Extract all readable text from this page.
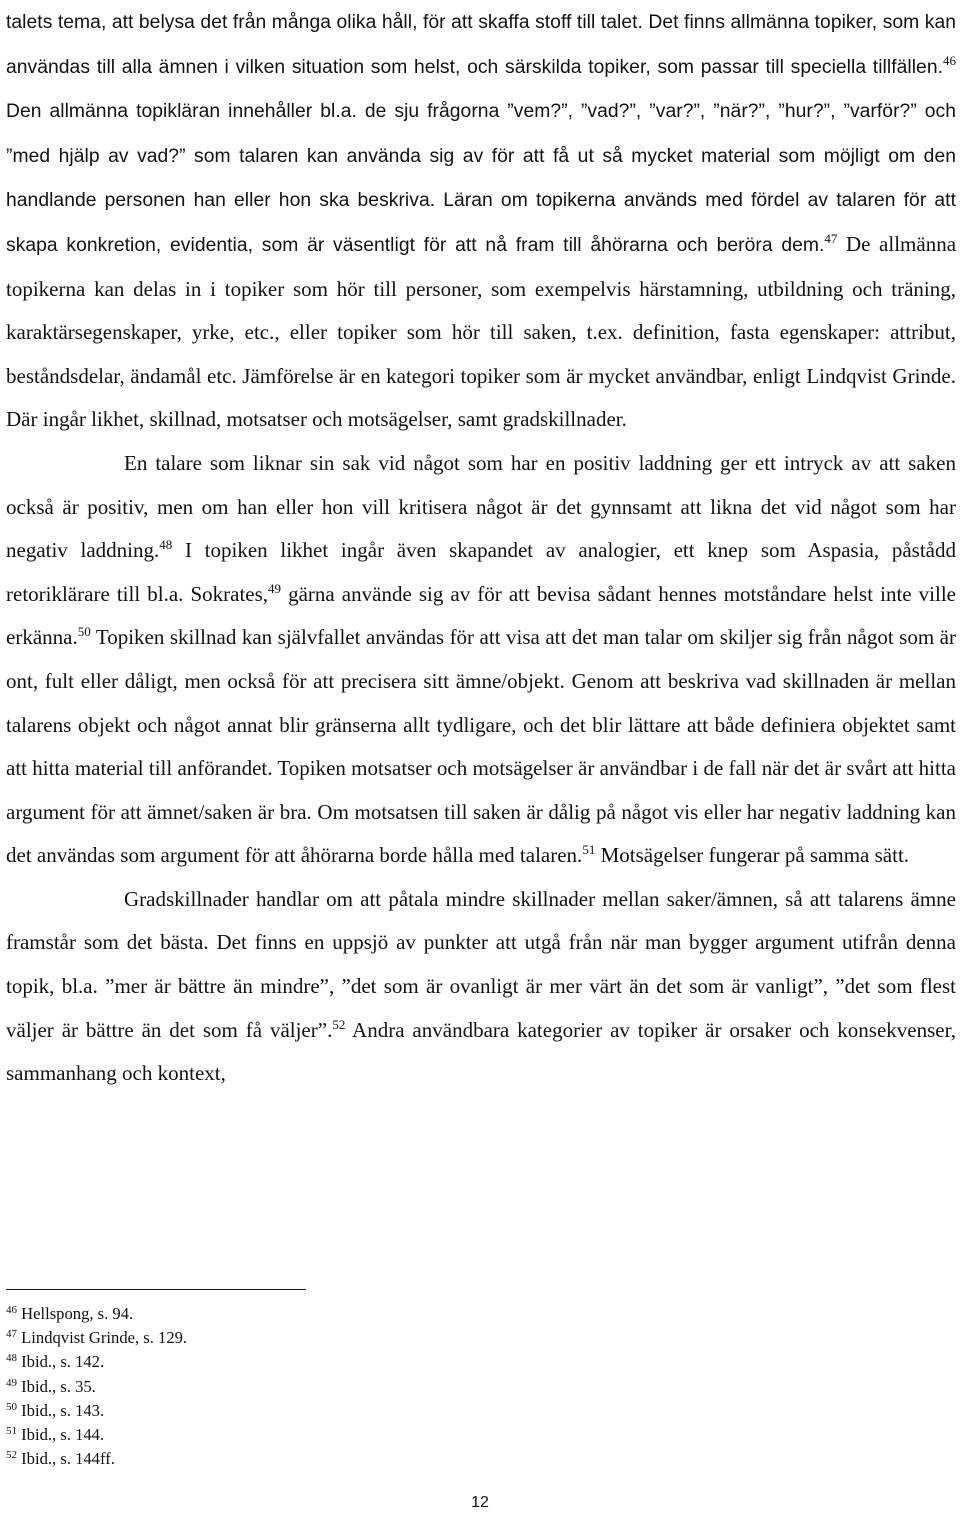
talets tema, att belysa det från många olika håll, för att skaffa stoff till talet. Det finns allmänna topiker, som kan användas till alla ämnen i vilken situation som helst, och särskilda topiker, som passar till speciella tillfällen.$^{46}$ Den allmänna topikläran innehåller bl.a. de sju frågorna ”vem?”, ”vad?”, ”var?”, ”när?”, ”hur?”, ”varför?” och ”med hjälp av vad?” som talaren kan använda sig av för att få ut så mycket material som möjligt om den handlande personen han eller hon ska beskriva. Läran om topikerna används med fördel av talaren för att skapa konkretion, evidentia, som är väsentligt för att nå fram till åhörarna och beröra dem.$^{47}$ De allmänna topikerna kan delas in i topiker som hör till personer, som exempelvis härstamning, utbildning och träning, karaktärsegenskaper, yrke, etc., eller topiker som hör till saken, t.ex. definition, fasta egenskaper: attribut, beståndsdelar, ändamål etc. Jämförelse är en kategori topiker som är mycket användbar, enligt Lindqvist Grinde. Där ingår likhet, skillnad, motsatser och motsägelser, samt gradskillnader.

En talare som liknar sin sak vid något som har en positiv laddning ger ett intryck av att saken också är positiv, men om han eller hon vill kritisera något är det gynnsamt att likna det vid något som har negativ laddning.$^{48}$ I topiken likhet ingår även skapandet av analogier, ett knep som Aspasia, påstådd retoriklärare till bl.a. Sokrates,$^{49}$ gärna använde sig av för att bevisa sådant hennes motståndare helst inte ville erkänna.$^{50}$ Topiken skillnad kan självfallet användas för att visa att det man talar om skiljer sig från något som är ont, fult eller dåligt, men också för att precisera sitt ämne/objekt. Genom att beskriva vad skillnaden är mellan talarens objekt och något annat blir gränserna allt tydligare, och det blir lättare att både definiera objektet samt att hitta material till anförandet. Topiken motsatser och motsägelser är användbar i de fall när det är svårt att hitta argument för att ämnet/saken är bra. Om motsatsen till saken är dålig på något vis eller har negativ laddning kan det användas som argument för att åhörarna borde hålla med talaren.$^{51}$ Motsägelser fungerar på samma sätt.

Gradskillnader handlar om att påtala mindre skillnader mellan saker/ämnen, så att talarens ämne framstår som det bästa. Det finns en uppsjö av punkter att utgå från när man bygger argument utifrån denna topik, bl.a. ”mer är bättre än mindre”, ”det som är ovanligt är mer värt än det som är vanligt”, ”det som flest väljer är bättre än det som få väljer”.$^{52}$ Andra användbara kategorier av topiker är orsaker och konsekvenser, sammanhang och kontext,

$^{46}$ Hellspong, s. 94.
$^{47}$ Lindqvist Grinde, s. 129.
$^{48}$ Ibid., s. 142.
$^{49}$ Ibid., s. 35.
$^{50}$ Ibid., s. 143.
$^{51}$ Ibid., s. 144.
$^{52}$ Ibid., s. 144ff.
12
